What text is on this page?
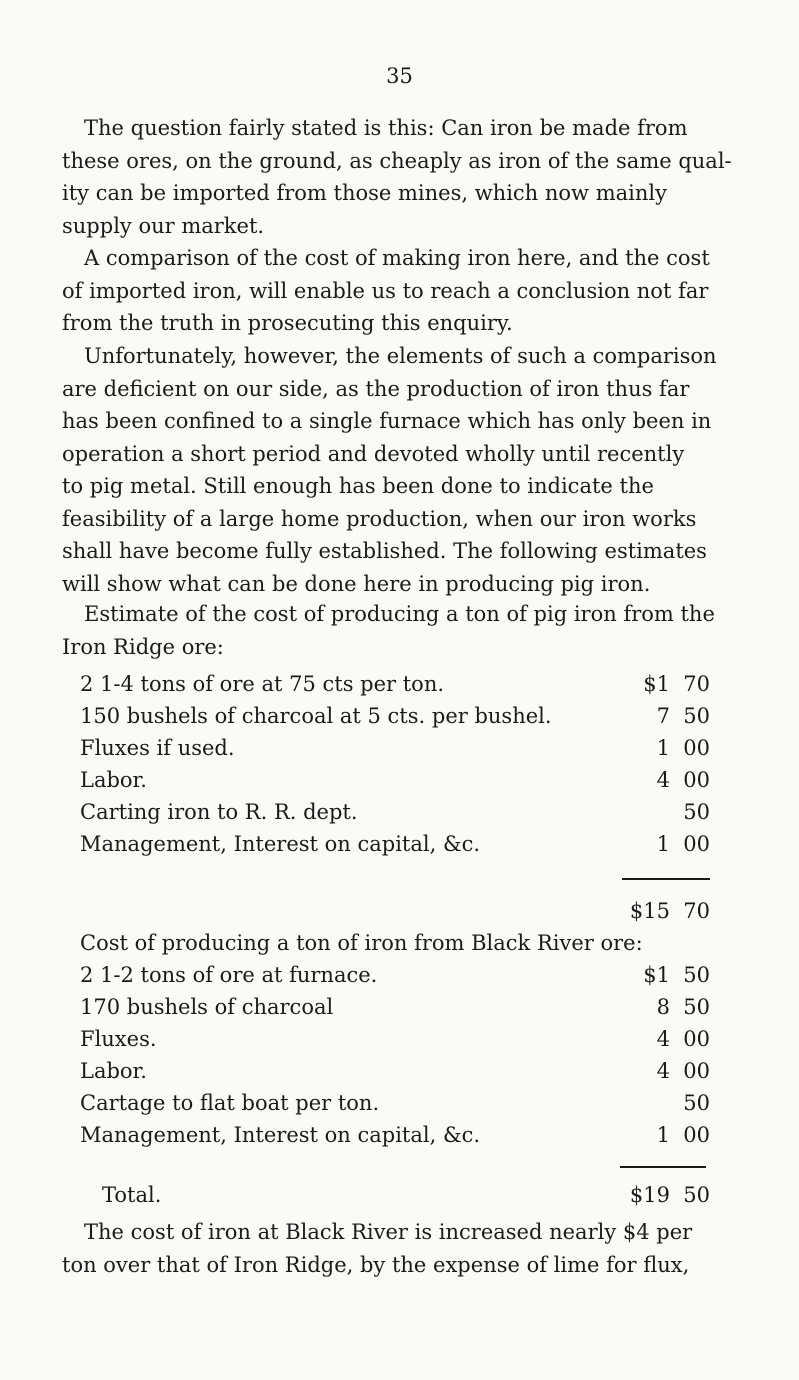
35

The question fairly stated is this: Can iron be made from
these ores, on the ground, as cheaply as iron of the same qual-
ity can be imported from those mines, which now mainly
supply our market.

A comparison of the cost of making iron here, and the cost
of imported iron, will enable us to reach a conclusion not far
from the truth in prosecuting this enquiry.

Unfortunately, however, the elements of such a comparison
are deficient on our side, as the production of iron thus far
has been confined to a single furnace which has only been in
operation a short period and devoted wholly until recently
to pig metal. Still enough has been done to indicate the
feasibility of a large home production, when our iron works
shall have become fully established. The following estimates
will show what can be done here in producing pig iron.

Estimate of the cost of producing a ton of pig iron from the
Iron Ridge ore:

2 1-4 tons of ore at 75 cts per ton.	$1 70
150 bushels of charcoal at 5 cts. per bushel.	7 50
Fluxes if used.	1 00
Labor.	4 00
Carting iron to R. R. dept.	50
Management, Interest on capital, &c.	1 00
$15 70
Cost of producing a ton of iron from Black River ore:
2 1-2 tons of ore at furnace.	$1 50
170 bushels of charcoal	8 50
Fluxes.	4 00
Labor.	4 00
Cartage to flat boat per ton.	50
Management, Interest on capital, &c.	1 00
Total.	$19 50

The cost of iron at Black River is increased nearly $4 per
ton over that of Iron Ridge, by the expense of lime for flux,
